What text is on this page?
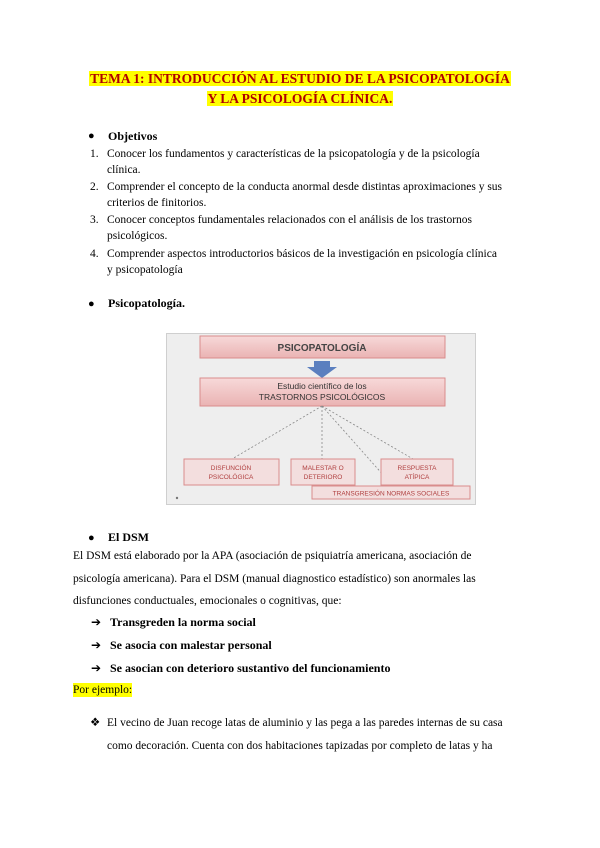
TEMA 1: INTRODUCCIÓN AL ESTUDIO DE LA PSICOPATOLOGÍA
Y LA PSICOLOGÍA CLÍNICA.
● Objetivos
1. Conocer los fundamentos y características de la psicopatología y de la psicología
clínica.
2. Comprender el concepto de la conducta anormal desde distintas aproximaciones y sus
criterios de finitorios.
3. Conocer conceptos fundamentales relacionados con el análisis de los trastornos
psicológicos.
4. Comprender aspectos introductorios básicos de la investigación en psicología clínica
y psicopatología
● Psicopatología.
PSICOPATOLOGÍA
Estudio científico de los
TRASTORNOS PSICOLÓGICOS
DISFUNCIÓN
PSICOLÓGICA
MALESTAR O
DETERIORO
RESPUESTA
ATÍPICA
TRANSGRESIÓN NORMAS SOCIALES
● El DSM
El DSM está elaborado por la APA (asociación de psiquiatría americana, asociación de
psicología americana). Para el DSM (manual diagnostico estadístico) son anormales las
disfunciones conductuales, emocionales o cognitivas, que:
➔ Transgreden la norma social
➔ Se asocia con malestar personal
➔ Se asocian con deterioro sustantivo del funcionamiento
Por ejemplo:
❖ El vecino de Juan recoge latas de aluminio y las pega a las paredes internas de su casa
como decoración. Cuenta con dos habitaciones tapizadas por completo de latas y ha
